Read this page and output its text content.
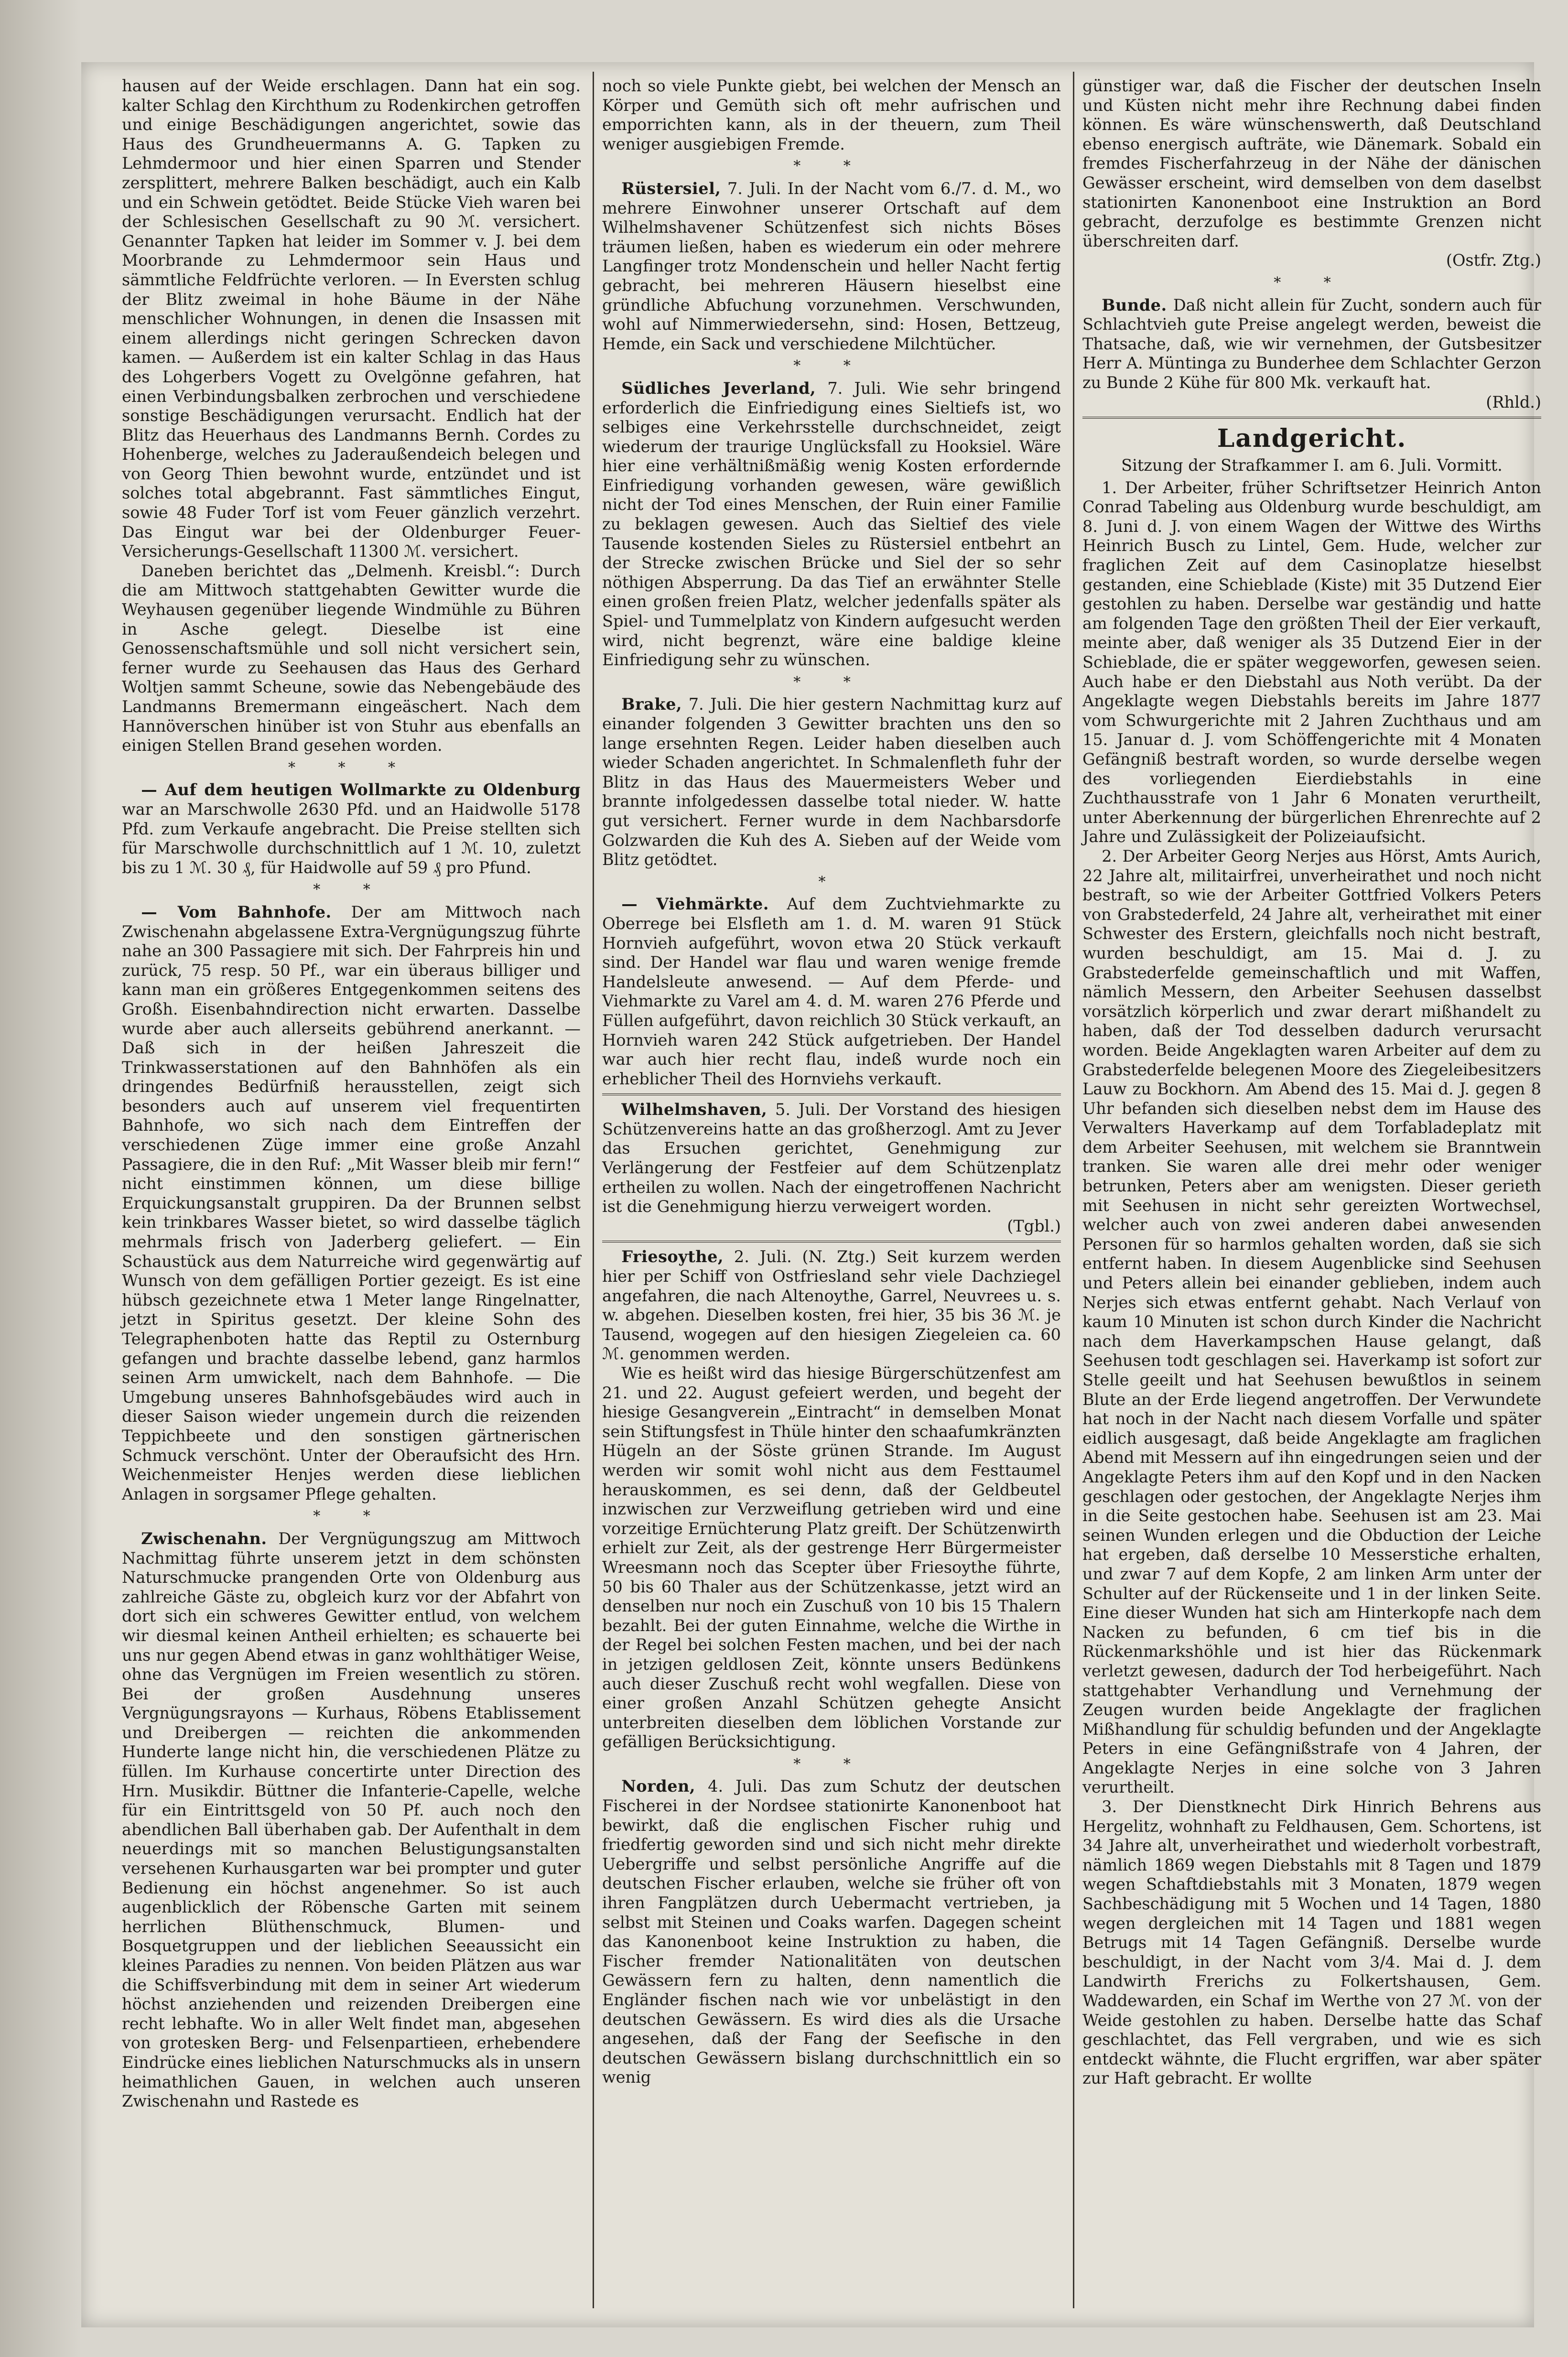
hausen auf der Weide erschlagen. Dann hat ein sog. kalter Schlag den Kirchthum zu Rodenkirchen getroffen und einige Beschädigungen angerichtet, sowie das Haus des Grundheuermanns A. G. Tapken zu Lehmdermoor und hier einen Sparren und Stender zersplittert, mehrere Balken beschädigt, auch ein Kalb und ein Schwein getödtet. Beide Stücke Vieh waren bei der Schlesischen Gesellschaft zu 90 ℳ. versichert. Genannter Tapken hat leider im Sommer v. J. bei dem Moorbrande zu Lehmdermoor sein Haus und sämmtliche Feldfrüchte verloren. — In Eversten schlug der Blitz zweimal in hohe Bäume in der Nähe menschlicher Wohnungen, in denen die Insassen mit einem allerdings nicht geringen Schrecken davon kamen. — Außerdem ist ein kalter Schlag in das Haus des Lohgerbers Vogett zu Ovelgönne gefahren, hat einen Verbindungsbalken zerbrochen und verschiedene sonstige Beschädigungen verursacht. Endlich hat der Blitz das Heuerhaus des Landmanns Bernh. Cordes zu Hohenberge, welches zu Jaderaußendeich belegen und von Georg Thien bewohnt wurde, entzündet und ist solches total abgebrannt. Fast sämmtliches Eingut, sowie 48 Fuder Torf ist vom Feuer gänzlich verzehrt. Das Eingut war bei der Oldenburger Feuer-Versicherungs-Gesellschaft 11300 ℳ. versichert.

Daneben berichtet das „Delmenh. Kreisbl.“: Durch die am Mittwoch stattgehabten Gewitter wurde die Weyhausen gegenüber liegende Windmühle zu Bühren in Asche gelegt. Dieselbe ist eine Genossenschaftsmühle und soll nicht versichert sein, ferner wurde zu Seehausen das Haus des Gerhard Woltjen sammt Scheune, sowie das Nebengebäude des Landmanns Bremermann eingeäschert. Nach dem Hannöverschen hinüber ist von Stuhr aus ebenfalls an einigen Stellen Brand gesehen worden.

* * *

— Auf dem heutigen Wollmarkte zu Oldenburg war an Marschwolle 2630 Pfd. und an Haidwolle 5178 Pfd. zum Verkaufe angebracht. Die Preise stellten sich für Marschwolle durchschnittlich auf 1 ℳ. 10, zuletzt bis zu 1 ℳ. 30 ₰, für Haidwolle auf 59 ₰ pro Pfund.

* *

— Vom Bahnhofe. Der am Mittwoch nach Zwischenahn abgelassene Extra-Vergnügungszug führte nahe an 300 Passagiere mit sich. Der Fahrpreis hin und zurück, 75 resp. 50 Pf., war ein überaus billiger und kann man ein größeres Entgegenkommen seitens des Großh. Eisenbahndirection nicht erwarten. Dasselbe wurde aber auch allerseits gebührend anerkannt. — Daß sich in der heißen Jahreszeit die Trinkwasserstationen auf den Bahnhöfen als ein dringendes Bedürfniß herausstellen, zeigt sich besonders auch auf unserem viel frequentirten Bahnhofe, wo sich nach dem Eintreffen der verschiedenen Züge immer eine große Anzahl Passagiere, die in den Ruf: „Mit Wasser bleib mir fern!“ nicht einstimmen können, um diese billige Erquickungsanstalt gruppiren. Da der Brunnen selbst kein trinkbares Wasser bietet, so wird dasselbe täglich mehrmals frisch von Jaderberg geliefert. — Ein Schaustück aus dem Naturreiche wird gegenwärtig auf Wunsch von dem gefälligen Portier gezeigt. Es ist eine hübsch gezeichnete etwa 1 Meter lange Ringelnatter, jetzt in Spiritus gesetzt. Der kleine Sohn des Telegraphenboten hatte das Reptil zu Osternburg gefangen und brachte dasselbe lebend, ganz harmlos seinen Arm umwickelt, nach dem Bahnhofe. — Die Umgebung unseres Bahnhofsgebäudes wird auch in dieser Saison wieder ungemein durch die reizenden Teppichbeete und den sonstigen gärtnerischen Schmuck verschönt. Unter der Oberaufsicht des Hrn. Weichenmeister Henjes werden diese lieblichen Anlagen in sorgsamer Pflege gehalten.

* *

Zwischenahn. Der Vergnügungszug am Mittwoch Nachmittag führte unserem jetzt in dem schönsten Naturschmucke prangenden Orte von Oldenburg aus zahlreiche Gäste zu, obgleich kurz vor der Abfahrt von dort sich ein schweres Gewitter entlud, von welchem wir diesmal keinen Antheil erhielten; es schauerte bei uns nur gegen Abend etwas in ganz wohlthätiger Weise, ohne das Vergnügen im Freien wesentlich zu stören. Bei der großen Ausdehnung unseres Vergnügungsrayons — Kurhaus, Röbens Etablissement und Dreibergen — reichten die ankommenden Hunderte lange nicht hin, die verschiedenen Plätze zu füllen. Im Kurhause concertirte unter Direction des Hrn. Musikdir. Büttner die Infanterie-Capelle, welche für ein Eintrittsgeld von 50 Pf. auch noch den abendlichen Ball überhaben gab. Der Aufenthalt in dem neuerdings mit so manchen Belustigungsanstalten versehenen Kurhausgarten war bei prompter und guter Bedienung ein höchst angenehmer. So ist auch augenblicklich der Röbensche Garten mit seinem herrlichen Blüthenschmuck, Blumen- und Bosquetgruppen und der lieblichen Seeaussicht ein kleines Paradies zu nennen. Von beiden Plätzen aus war die Schiffsverbindung mit dem in seiner Art wiederum höchst anziehenden und reizenden Dreibergen eine recht lebhafte. Wo in aller Welt findet man, abgesehen von grotesken Berg- und Felsenpartieen, erhebendere Eindrücke eines lieblichen Naturschmucks als in unsern heimathlichen Gauen, in welchen auch unseren Zwischenahn und Rastede es

noch so viele Punkte giebt, bei welchen der Mensch an Körper und Gemüth sich oft mehr aufrischen und emporrichten kann, als in der theuern, zum Theil weniger ausgiebigen Fremde.

* *

Rüstersiel, 7. Juli. In der Nacht vom 6./7. d. M., wo mehrere Einwohner unserer Ortschaft auf dem Wilhelmshavener Schützenfest sich nichts Böses träumen ließen, haben es wiederum ein oder mehrere Langfinger trotz Mondenschein und heller Nacht fertig gebracht, bei mehreren Häusern hieselbst eine gründliche Abfuchung vorzunehmen. Verschwunden, wohl auf Nimmerwiedersehn, sind: Hosen, Bettzeug, Hemde, ein Sack und verschiedene Milchtücher.

* *

Südliches Jeverland, 7. Juli. Wie sehr bringend erforderlich die Einfriedigung eines Sieltiefs ist, wo selbiges eine Verkehrsstelle durchschneidet, zeigt wiederum der traurige Unglücksfall zu Hooksiel. Wäre hier eine verhältnißmäßig wenig Kosten erfordernde Einfriedigung vorhanden gewesen, wäre gewißlich nicht der Tod eines Menschen, der Ruin einer Familie zu beklagen gewesen. Auch das Sieltief des viele Tausende kostenden Sieles zu Rüstersiel entbehrt an der Strecke zwischen Brücke und Siel der so sehr nöthigen Absperrung. Da das Tief an erwähnter Stelle einen großen freien Platz, welcher jedenfalls später als Spiel- und Tummelplatz von Kindern aufgesucht werden wird, nicht begrenzt, wäre eine baldige kleine Einfriedigung sehr zu wünschen.

* *

Brake, 7. Juli. Die hier gestern Nachmittag kurz auf einander folgenden 3 Gewitter brachten uns den so lange ersehnten Regen. Leider haben dieselben auch wieder Schaden angerichtet. In Schmalenfleth fuhr der Blitz in das Haus des Mauermeisters Weber und brannte infolgedessen dasselbe total nieder. W. hatte gut versichert. Ferner wurde in dem Nachbarsdorfe Golzwarden die Kuh des A. Sieben auf der Weide vom Blitz getödtet.

*

— Viehmärkte. Auf dem Zuchtviehmarkte zu Oberrege bei Elsfleth am 1. d. M. waren 91 Stück Hornvieh aufgeführt, wovon etwa 20 Stück verkauft sind. Der Handel war flau und waren wenige fremde Handelsleute anwesend. — Auf dem Pferde- und Viehmarkte zu Varel am 4. d. M. waren 276 Pferde und Füllen aufgeführt, davon reichlich 30 Stück verkauft, an Hornvieh waren 242 Stück aufgetrieben. Der Handel war auch hier recht flau, indeß wurde noch ein erheblicher Theil des Hornviehs verkauft.

Wilhelmshaven, 5. Juli. Der Vorstand des hiesigen Schützenvereins hatte an das großherzogl. Amt zu Jever das Ersuchen gerichtet, Genehmigung zur Verlängerung der Festfeier auf dem Schützenplatz ertheilen zu wollen. Nach der eingetroffenen Nachricht ist die Genehmigung hierzu verweigert worden.

(Tgbl.)

Friesoythe, 2. Juli. (N. Ztg.) Seit kurzem werden hier per Schiff von Ostfriesland sehr viele Dachziegel angefahren, die nach Altenoythe, Garrel, Neuvrees u. s. w. abgehen. Dieselben kosten, frei hier, 35 bis 36 ℳ. je Tausend, wogegen auf den hiesigen Ziegeleien ca. 60 ℳ. genommen werden.

Wie es heißt wird das hiesige Bürgerschützenfest am 21. und 22. August gefeiert werden, und begeht der hiesige Gesangverein „Eintracht“ in demselben Monat sein Stiftungsfest in Thüle hinter den schaafumkränzten Hügeln an der Söste grünen Strande. Im August werden wir somit wohl nicht aus dem Festtaumel herauskommen, es sei denn, daß der Geldbeutel inzwischen zur Verzweiflung getrieben wird und eine vorzeitige Ernüchterung Platz greift. Der Schützenwirth erhielt zur Zeit, als der gestrenge Herr Bürgermeister Wreesmann noch das Scepter über Friesoythe führte, 50 bis 60 Thaler aus der Schützenkasse, jetzt wird an denselben nur noch ein Zuschuß von 10 bis 15 Thalern bezahlt. Bei der guten Einnahme, welche die Wirthe in der Regel bei solchen Festen machen, und bei der nach in jetzigen geldlosen Zeit, könnte unsers Bedünkens auch dieser Zuschuß recht wohl wegfallen. Diese von einer großen Anzahl Schützen gehegte Ansicht unterbreiten dieselben dem löblichen Vorstande zur gefälligen Berücksichtigung.

* *

Norden, 4. Juli. Das zum Schutz der deutschen Fischerei in der Nordsee stationirte Kanonenboot hat bewirkt, daß die englischen Fischer ruhig und friedfertig geworden sind und sich nicht mehr direkte Uebergriffe und selbst persönliche Angriffe auf die deutschen Fischer erlauben, welche sie früher oft von ihren Fangplätzen durch Uebermacht vertrieben, ja selbst mit Steinen und Coaks warfen. Dagegen scheint das Kanonenboot keine Instruktion zu haben, die Fischer fremder Nationalitäten von deutschen Gewässern fern zu halten, denn namentlich die Engländer fischen nach wie vor unbelästigt in den deutschen Gewässern. Es wird dies als die Ursache angesehen, daß der Fang der Seefische in den deutschen Gewässern bislang durchschnittlich ein so wenig

günstiger war, daß die Fischer der deutschen Inseln und Küsten nicht mehr ihre Rechnung dabei finden können. Es wäre wünschenswerth, daß Deutschland ebenso energisch aufträte, wie Dänemark. Sobald ein fremdes Fischerfahrzeug in der Nähe der dänischen Gewässer erscheint, wird demselben von dem daselbst stationirten Kanonenboot eine Instruktion an Bord gebracht, derzufolge es bestimmte Grenzen nicht überschreiten darf.

(Ostfr. Ztg.)

* *

Bunde. Daß nicht allein für Zucht, sondern auch für Schlachtvieh gute Preise angelegt werden, beweist die Thatsache, daß, wie wir vernehmen, der Gutsbesitzer Herr A. Müntinga zu Bunderhee dem Schlachter Gerzon zu Bunde 2 Kühe für 800 Mk. verkauft hat.

(Rhld.)

Landgericht.

Sitzung der Strafkammer I. am 6. Juli. Vormitt.

1. Der Arbeiter, früher Schriftsetzer Heinrich Anton Conrad Tabeling aus Oldenburg wurde beschuldigt, am 8. Juni d. J. von einem Wagen der Wittwe des Wirths Heinrich Busch zu Lintel, Gem. Hude, welcher zur fraglichen Zeit auf dem Casinoplatze hieselbst gestanden, eine Schiebladе (Kiste) mit 35 Dutzend Eier gestohlen zu haben. Derselbe war geständig und hatte am folgenden Tage den größten Theil der Eier verkauft, meinte aber, daß weniger als 35 Dutzend Eier in der Schieblade, die er später weggeworfen, gewesen seien. Auch habe er den Diebstahl aus Noth verübt. Da der Angeklagte wegen Diebstahls bereits im Jahre 1877 vom Schwurgerichte mit 2 Jahren Zuchthaus und am 15. Januar d. J. vom Schöffengerichte mit 4 Monaten Gefängniß bestraft worden, so wurde derselbe wegen des vorliegenden Eierdiebstahls in eine Zuchthausstrafe von 1 Jahr 6 Monaten verurtheilt, unter Aberkennung der bürgerlichen Ehrenrechte auf 2 Jahre und Zulässigkeit der Polizeiaufsicht.

2. Der Arbeiter Georg Nerjes aus Hörst, Amts Aurich, 22 Jahre alt, militairfrei, unverheirathet und noch nicht bestraft, so wie der Arbeiter Gottfried Volkers Peters von Grabstederfeld, 24 Jahre alt, verheirathet mit einer Schwester des Erstern, gleichfalls noch nicht bestraft, wurden beschuldigt, am 15. Mai d. J. zu Grabstederfelde gemeinschaftlich und mit Waffen, nämlich Messern, den Arbeiter Seehusen dasselbst vorsätzlich körperlich und zwar derart mißhandelt zu haben, daß der Tod desselben dadurch verursacht worden. Beide Angeklagten waren Arbeiter auf dem zu Grabstederfelde belegenen Moore des Ziegeleibesitzers Lauw zu Bockhorn. Am Abend des 15. Mai d. J. gegen 8 Uhr befanden sich dieselben nebst dem im Hause des Verwalters Haverkamp auf dem Torfabladeplatz mit dem Arbeiter Seehusen, mit welchem sie Branntwein tranken. Sie waren alle drei mehr oder weniger betrunken, Peters aber am wenigsten. Dieser gerieth mit Seehusen in nicht sehr gereizten Wortwechsel, welcher auch von zwei anderen dabei anwesenden Personen für so harmlos gehalten worden, daß sie sich entfernt haben. In diesem Augenblicke sind Seehusen und Peters allein bei einander geblieben, indem auch Nerjes sich etwas entfernt gehabt. Nach Verlauf von kaum 10 Minuten ist schon durch Kinder die Nachricht nach dem Haverkampschen Hause gelangt, daß Seehusen todt geschlagen sei. Haverkamp ist sofort zur Stelle geeilt und hat Seehusen bewußtlos in seinem Blute an der Erde liegend angetroffen. Der Verwundete hat noch in der Nacht nach diesem Vorfalle und später eidlich ausgesagt, daß beide Angeklagte am fraglichen Abend mit Messern auf ihn eingedrungen seien und der Angeklagte Peters ihm auf den Kopf und in den Nacken geschlagen oder gestochen, der Angeklagte Nerjes ihm in die Seite gestochen habe. Seehusen ist am 23. Mai seinen Wunden erlegen und die Obduction der Leiche hat ergeben, daß derselbe 10 Messerstiche erhalten, und zwar 7 auf dem Kopfe, 2 am linken Arm unter der Schulter auf der Rückenseite und 1 in der linken Seite. Eine dieser Wunden hat sich am Hinterkopfe nach dem Nacken zu befunden, 6 cm tief bis in die Rückenmarkshöhle und ist hier das Rückenmark verletzt gewesen, dadurch der Tod herbeigeführt. Nach stattgehabter Verhandlung und Vernehmung der Zeugen wurden beide Angeklagte der fraglichen Mißhandlung für schuldig befunden und der Angeklagte Peters in eine Gefängnißstrafe von 4 Jahren, der Angeklagte Nerjes in eine solche von 3 Jahren verurtheilt.

3. Der Dienstknecht Dirk Hinrich Behrens aus Hergelitz, wohnhaft zu Feldhausen, Gem. Schortens, ist 34 Jahre alt, unverheirathet und wiederholt vorbestraft, nämlich 1869 wegen Diebstahls mit 8 Tagen und 1879 wegen Schaftdiebstahls mit 3 Monaten, 1879 wegen Sachbeschädigung mit 5 Wochen und 14 Tagen, 1880 wegen dergleichen mit 14 Tagen und 1881 wegen Betrugs mit 14 Tagen Gefängniß. Derselbe wurde beschuldigt, in der Nacht vom 3/4. Mai d. J. dem Landwirth Frerichs zu Folkertshausen, Gem. Waddewarden, ein Schaf im Werthe von 27 ℳ. von der Weide gestohlen zu haben. Derselbe hatte das Schaf geschlachtet, das Fell vergraben, und wie es sich entdeckt wähnte, die Flucht ergriffen, war aber später zur Haft gebracht. Er wollte
